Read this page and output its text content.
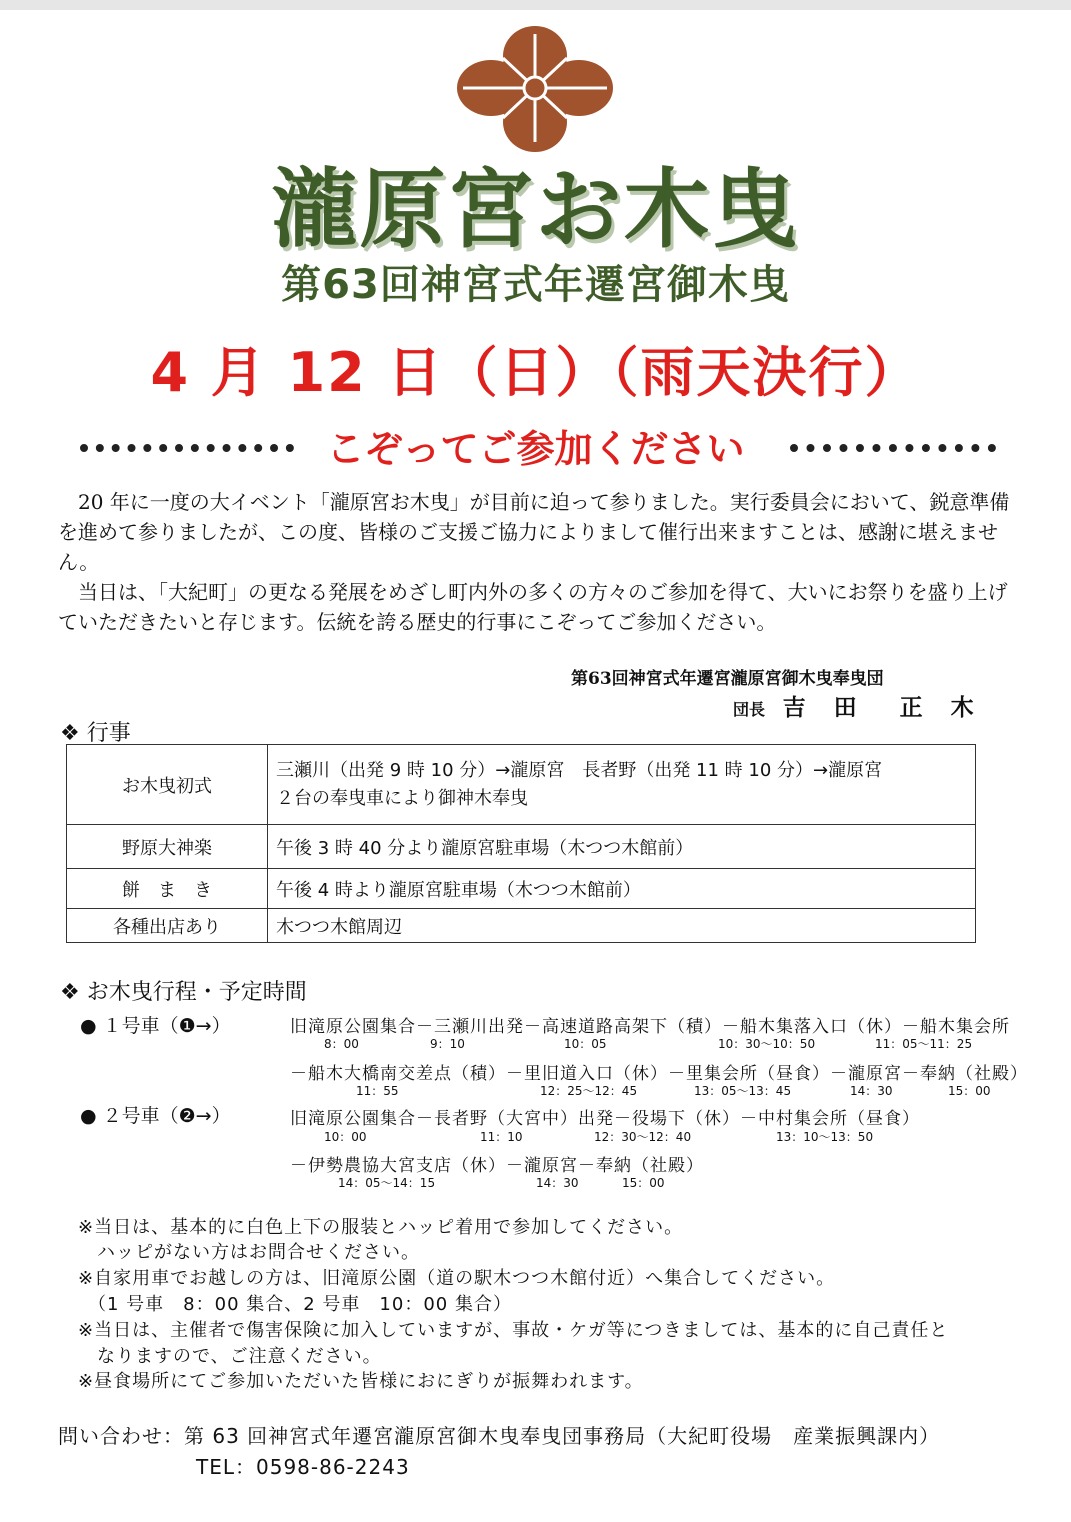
瀧原宮お木曳
第63回神宮式年遷宮御木曳
4 月 12 日（日）（雨天決行）
こぞってご参加ください

20 年に一度の大イベント「瀧原宮お木曳」が目前に迫って参りました。実行委員会において、鋭意準備を進めて参りましたが、この度、皆様のご支援ご協力によりまして催行出来ますことは、感謝に堪えません。

当日は、「大紀町」の更なる発展をめざし町内外の多くの方々のご参加を得て、大いにお祭りを盛り上げていただきたいと存じます。伝統を誇る歴史的行事にこぞってご参加ください。

第63回神宮式年遷宮瀧原宮御木曳奉曳団
団長 吉 田　正 木
❖ 行事
お木曳初式	三瀬川（出発 9 時 10 分）→瀧原宮　長者野（出発 11 時 10 分）→瀧原宮
２台の奉曳車により御神木奉曳

野原大神楽	午後 3 時 40 分より瀧原宮駐車場（木つつ木館前）
餅　ま　き	午後 4 時より瀧原宮駐車場（木つつ木館前）
各種出店あり	木つつ木館周辺
❖ お木曳行程・予定時間
● １号車（❶→）	旧滝原公園集合－三瀬川出発－高速道路高架下（積）－船木集落入口（休）－船木集会所
8：00	9：10	10：05	10：30～10：50	11：05～11：25
－船木大橋南交差点（積）－里旧道入口（休）－里集会所（昼食）－瀧原宮－奉納（社殿）
11：55	12：25～12：45	13：05～13：45	14：30	15：00
● ２号車（❷→）	旧滝原公園集合－長者野（大宮中）出発－役場下（休）－中村集会所（昼食）
10：00	11：10	12：30～12：40	13：10～13：50
－伊勢農協大宮支店（休）－瀧原宮－奉納（社殿）
14：05～14：15	14：30	15：00
※当日は、基本的に白色上下の服装とハッピ着用で参加してください。
　ハッピがない方はお問合せください。
※自家用車でお越しの方は、旧滝原公園（道の駅木つつ木館付近）へ集合してください。
　（1 号車　8：00 集合、2 号車　10：00 集合）
※当日は、主催者で傷害保険に加入していますが、事故・ケガ等につきましては、基本的に自己責任と
　なりますので、ご注意ください。
※昼食場所にてご参加いただいた皆様におにぎりが振舞われます。
問い合わせ：第 63 回神宮式年遷宮瀧原宮御木曳奉曳団事務局（大紀町役場　産業振興課内）
TEL：0598-86-2243
